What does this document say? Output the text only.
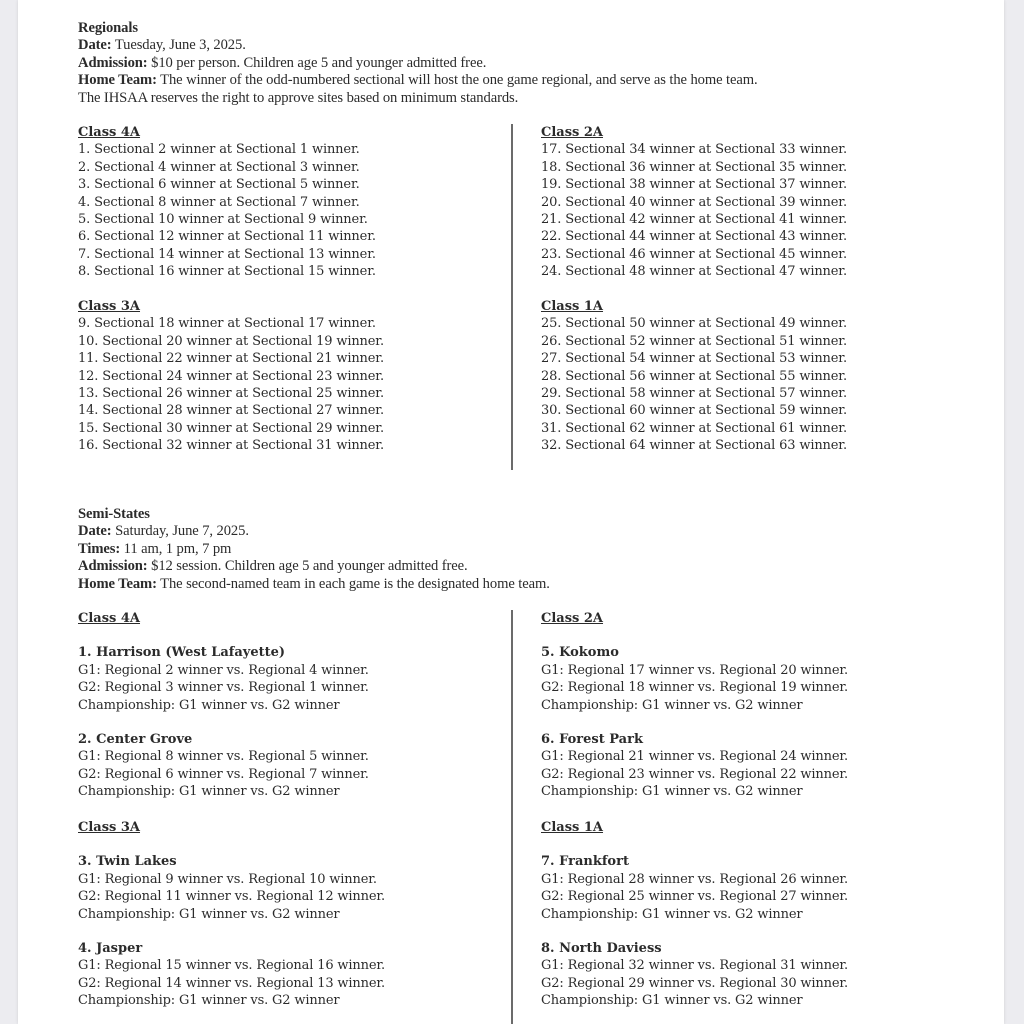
Regionals
Date: Tuesday, June 3, 2025.
Admission: $10 per person. Children age 5 and younger admitted free.
Home Team: The winner of the odd-numbered sectional will host the one game regional, and serve as the home team.
The IHSAA reserves the right to approve sites based on minimum standards.
Class 4A
1. Sectional 2 winner at Sectional 1 winner.
2. Sectional 4 winner at Sectional 3 winner.
3. Sectional 6 winner at Sectional 5 winner.
4. Sectional 8 winner at Sectional 7 winner.
5. Sectional 10 winner at Sectional 9 winner.
6. Sectional 12 winner at Sectional 11 winner.
7. Sectional 14 winner at Sectional 13 winner.
8. Sectional 16 winner at Sectional 15 winner.
Class 2A
17. Sectional 34 winner at Sectional 33 winner.
18. Sectional 36 winner at Sectional 35 winner.
19. Sectional 38 winner at Sectional 37 winner.
20. Sectional 40 winner at Sectional 39 winner.
21. Sectional 42 winner at Sectional 41 winner.
22. Sectional 44 winner at Sectional 43 winner.
23. Sectional 46 winner at Sectional 45 winner.
24. Sectional 48 winner at Sectional 47 winner.
Class 3A
9. Sectional 18 winner at Sectional 17 winner.
10. Sectional 20 winner at Sectional 19 winner.
11. Sectional 22 winner at Sectional 21 winner.
12. Sectional 24 winner at Sectional 23 winner.
13. Sectional 26 winner at Sectional 25 winner.
14. Sectional 28 winner at Sectional 27 winner.
15. Sectional 30 winner at Sectional 29 winner.
16. Sectional 32 winner at Sectional 31 winner.
Class 1A
25. Sectional 50 winner at Sectional 49 winner.
26. Sectional 52 winner at Sectional 51 winner.
27. Sectional 54 winner at Sectional 53 winner.
28. Sectional 56 winner at Sectional 55 winner.
29. Sectional 58 winner at Sectional 57 winner.
30. Sectional 60 winner at Sectional 59 winner.
31. Sectional 62 winner at Sectional 61 winner.
32. Sectional 64 winner at Sectional 63 winner.
Semi-States
Date: Saturday, June 7, 2025.
Times: 11 am, 1 pm, 7 pm
Admission: $12 session. Children age 5 and younger admitted free.
Home Team: The second-named team in each game is the designated home team.
Class 4A
1. Harrison (West Lafayette)
G1: Regional 2 winner vs. Regional 4 winner.
G2: Regional 3 winner vs. Regional 1 winner.
Championship: G1 winner vs. G2 winner
2. Center Grove
G1: Regional 8 winner vs. Regional 5 winner.
G2: Regional 6 winner vs. Regional 7 winner.
Championship: G1 winner vs. G2 winner
Class 2A
5. Kokomo
G1: Regional 17 winner vs. Regional 20 winner.
G2: Regional 18 winner vs. Regional 19 winner.
Championship: G1 winner vs. G2 winner
6. Forest Park
G1: Regional 21 winner vs. Regional 24 winner.
G2: Regional 23 winner vs. Regional 22 winner.
Championship: G1 winner vs. G2 winner
Class 3A
3. Twin Lakes
G1: Regional 9 winner vs. Regional 10 winner.
G2: Regional 11 winner vs. Regional 12 winner.
Championship: G1 winner vs. G2 winner
4. Jasper
G1: Regional 15 winner vs. Regional 16 winner.
G2: Regional 14 winner vs. Regional 13 winner.
Championship: G1 winner vs. G2 winner
Class 1A
7. Frankfort
G1: Regional 28 winner vs. Regional 26 winner.
G2: Regional 25 winner vs. Regional 27 winner.
Championship: G1 winner vs. G2 winner
8. North Daviess
G1: Regional 32 winner vs. Regional 31 winner.
G2: Regional 29 winner vs. Regional 30 winner.
Championship: G1 winner vs. G2 winner
